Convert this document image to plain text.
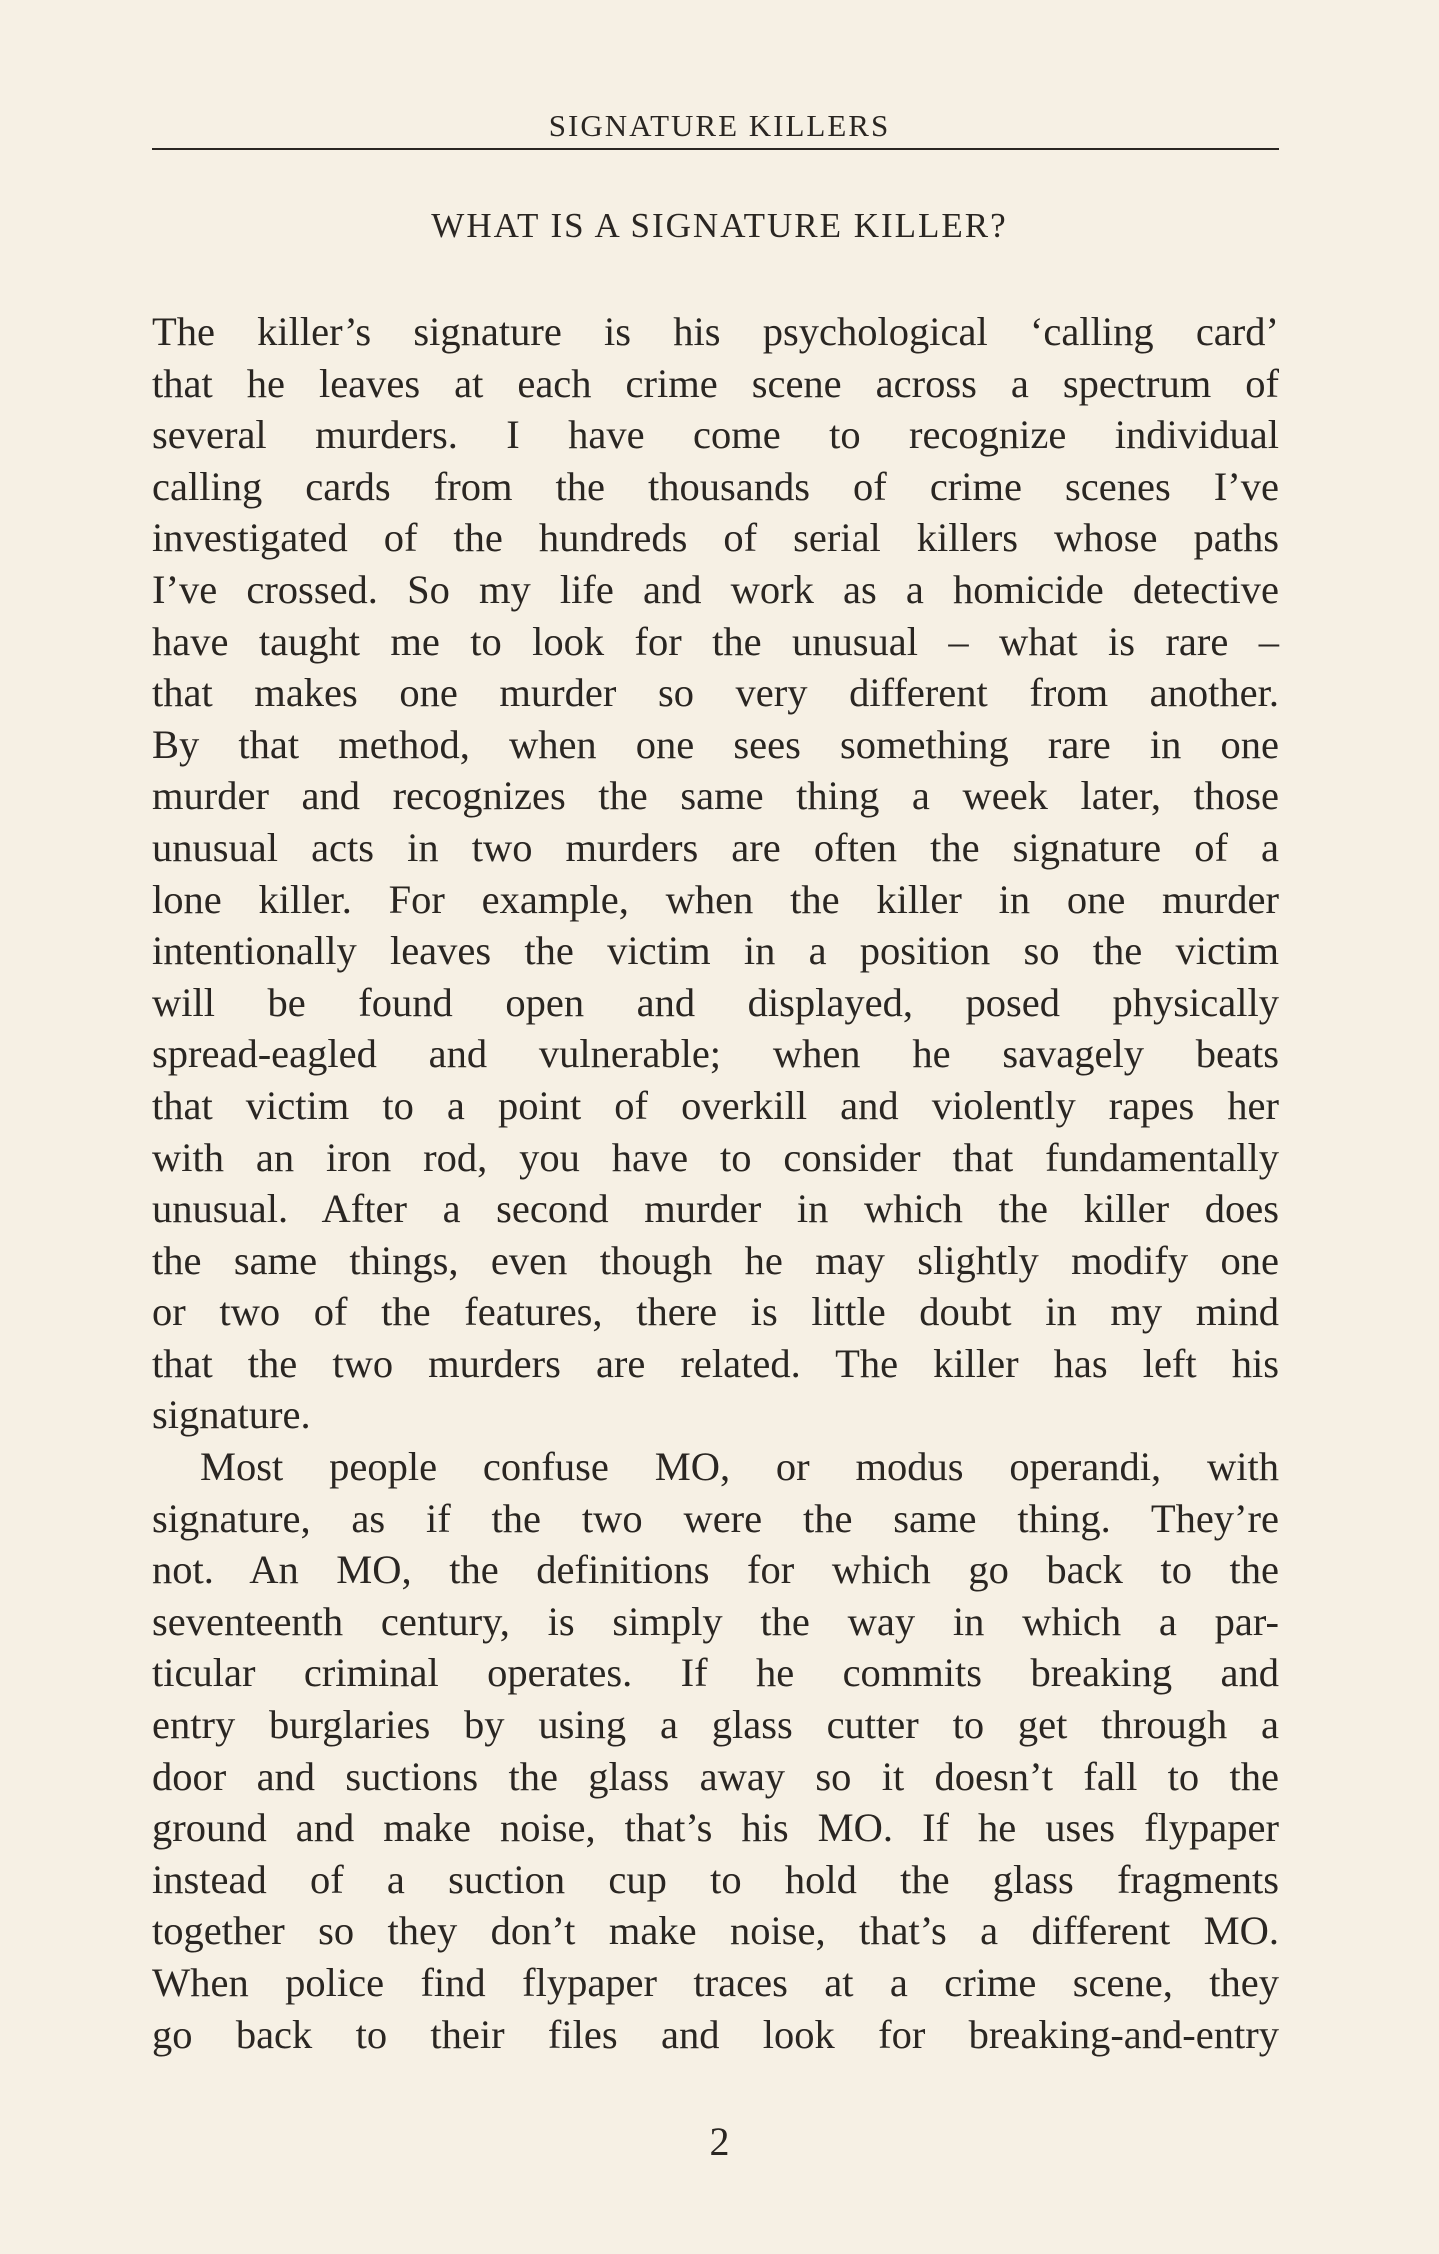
SIGNATURE KILLERS
WHAT IS A SIGNATURE KILLER?
The killer’s signature is his psychological ‘calling card’
that he leaves at each crime scene across a spectrum of
several murders. I have come to recognize individual
calling cards from the thousands of crime scenes I’ve
investigated of the hundreds of serial killers whose paths
I’ve crossed. So my life and work as a homicide detective
have taught me to look for the unusual – what is rare –
that makes one murder so very different from another.
By that method, when one sees something rare in one
murder and recognizes the same thing a week later, those
unusual acts in two murders are often the signature of a
lone killer. For example, when the killer in one murder
intentionally leaves the victim in a position so the victim
will be found open and displayed, posed physically
spread-eagled and vulnerable; when he savagely beats
that victim to a point of overkill and violently rapes her
with an iron rod, you have to consider that fundamentally
unusual. After a second murder in which the killer does
the same things, even though he may slightly modify one
or two of the features, there is little doubt in my mind
that the two murders are related. The killer has left his
signature.
Most people confuse MO, or modus operandi, with
signature, as if the two were the same thing. They’re
not. An MO, the definitions for which go back to the
seventeenth century, is simply the way in which a par-
ticular criminal operates. If he commits breaking and
entry burglaries by using a glass cutter to get through a
door and suctions the glass away so it doesn’t fall to the
ground and make noise, that’s his MO. If he uses flypaper
instead of a suction cup to hold the glass fragments
together so they don’t make noise, that’s a different MO.
When police find flypaper traces at a crime scene, they
go back to their files and look for breaking-and-entry
2
